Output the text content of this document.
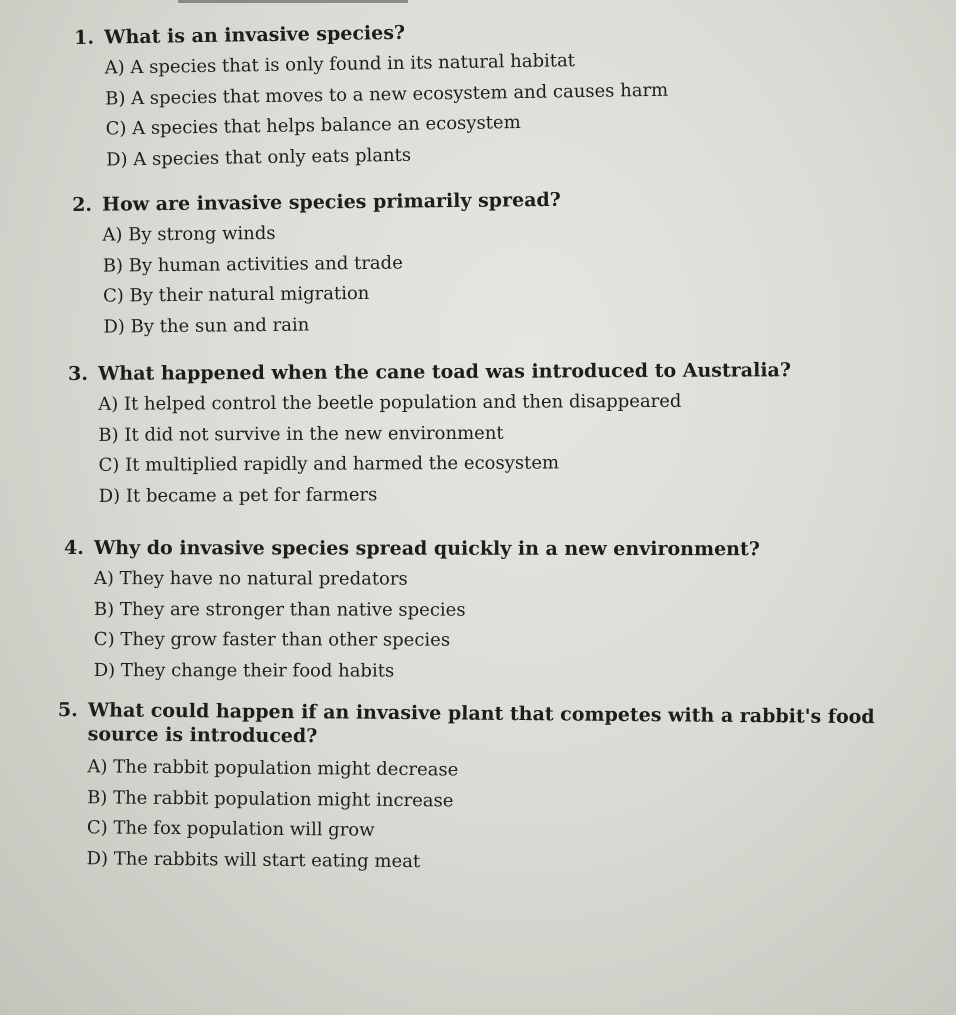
1. What is an invasive species?

A) A species that is only found in its natural habitat
B) A species that moves to a new ecosystem and causes harm
C) A species that helps balance an ecosystem
D) A species that only eats plants

2. How are invasive species primarily spread?

A) By strong winds
B) By human activities and trade
C) By their natural migration
D) By the sun and rain

3. What happened when the cane toad was introduced to Australia?

A) It helped control the beetle population and then disappeared
B) It did not survive in the new environment
C) It multiplied rapidly and harmed the ecosystem
D) It became a pet for farmers

4. Why do invasive species spread quickly in a new environment?

A) They have no natural predators
B) They are stronger than native species
C) They grow faster than other species
D) They change their food habits

5. What could happen if an invasive plant that competes with a rabbit's food source is introduced?

A) The rabbit population might decrease
B) The rabbit population might increase
C) The fox population will grow
D) The rabbits will start eating meat
